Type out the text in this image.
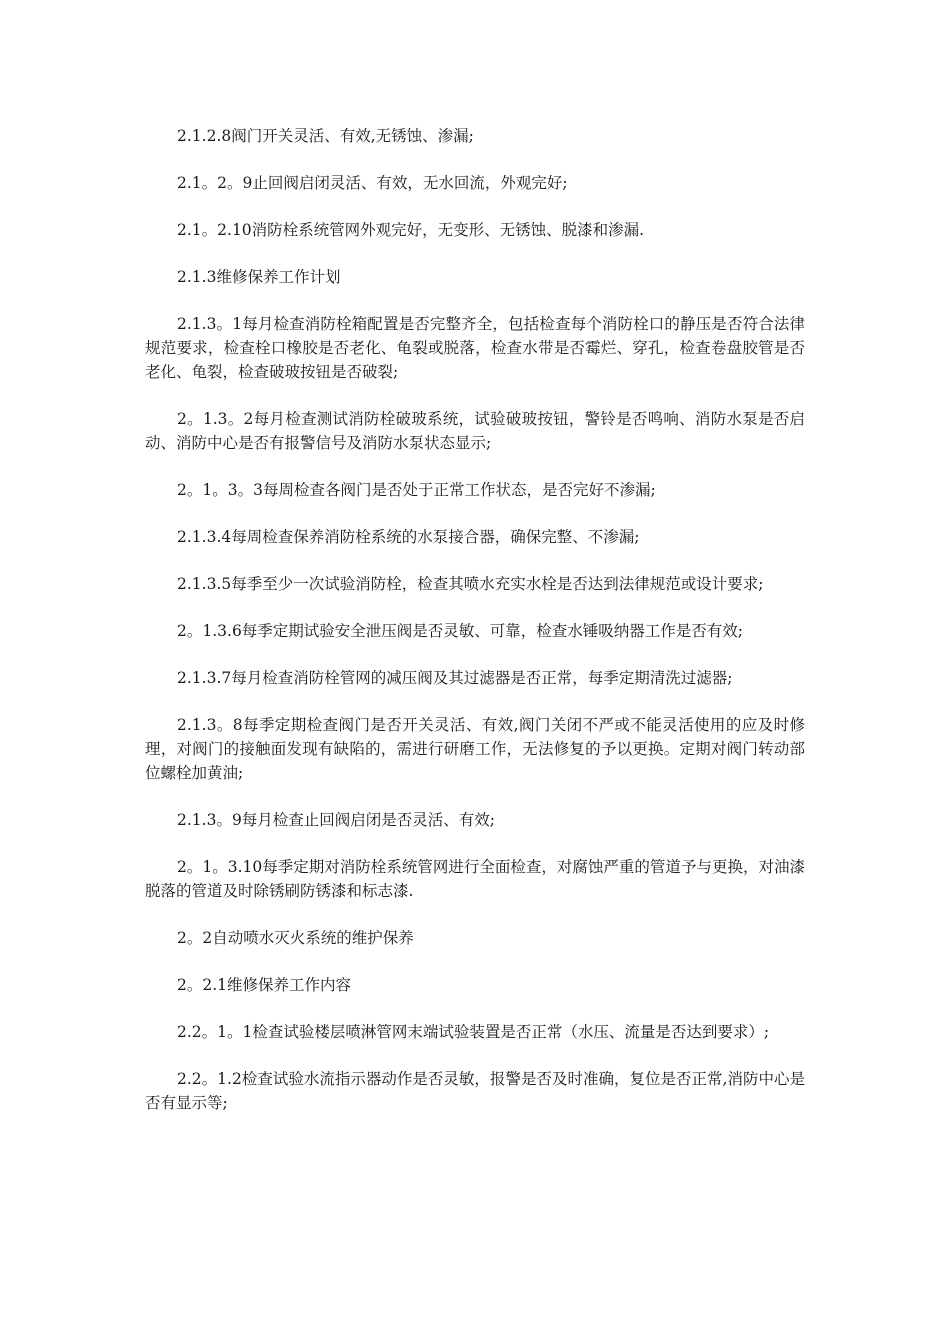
2.1.2.8阀门开关灵活、有效,无锈蚀、渗漏;

2.1。2。9止回阀启闭灵活、有效，无水回流，外观完好;

2.1。2.10消防栓系统管网外观完好，无变形、无锈蚀、脱漆和渗漏.

2.1.3维修保养工作计划

2.1.3。1每月检查消防栓箱配置是否完整齐全，包括检查每个消防栓口的静压是否符合法律规范要求，检查栓口橡胶是否老化、龟裂或脱落，检查水带是否霉烂、穿孔，检查卷盘胶管是否老化、龟裂，检查破玻按钮是否破裂;

2。1.3。2每月检查测试消防栓破玻系统，试验破玻按钮，警铃是否鸣响、消防水泵是否启动、消防中心是否有报警信号及消防水泵状态显示;

2。1。3。3每周检查各阀门是否处于正常工作状态，是否完好不渗漏;

2.1.3.4每周检查保养消防栓系统的水泵接合器，确保完整、不渗漏;

2.1.3.5每季至少一次试验消防栓，检查其喷水充实水栓是否达到法律规范或设计要求;

2。1.3.6每季定期试验安全泄压阀是否灵敏、可靠，检查水锤吸纳器工作是否有效;

2.1.3.7每月检查消防栓管网的减压阀及其过滤器是否正常，每季定期清洗过滤器;

2.1.3。8每季定期检查阀门是否开关灵活、有效,阀门关闭不严或不能灵活使用的应及时修理，对阀门的接触面发现有缺陷的，需进行研磨工作，无法修复的予以更换。定期对阀门转动部位螺栓加黄油;

2.1.3。9每月检查止回阀启闭是否灵活、有效;

2。1。3.10每季定期对消防栓系统管网进行全面检查，对腐蚀严重的管道予与更换，对油漆脱落的管道及时除锈刷防锈漆和标志漆.

2。2自动喷水灭火系统的维护保养

2。2.1维修保养工作内容

2.2。1。1检查试验楼层喷淋管网末端试验装置是否正常（水压、流量是否达到要求）;

2.2。1.2检查试验水流指示器动作是否灵敏，报警是否及时准确，复位是否正常,消防中心是否有显示等;
